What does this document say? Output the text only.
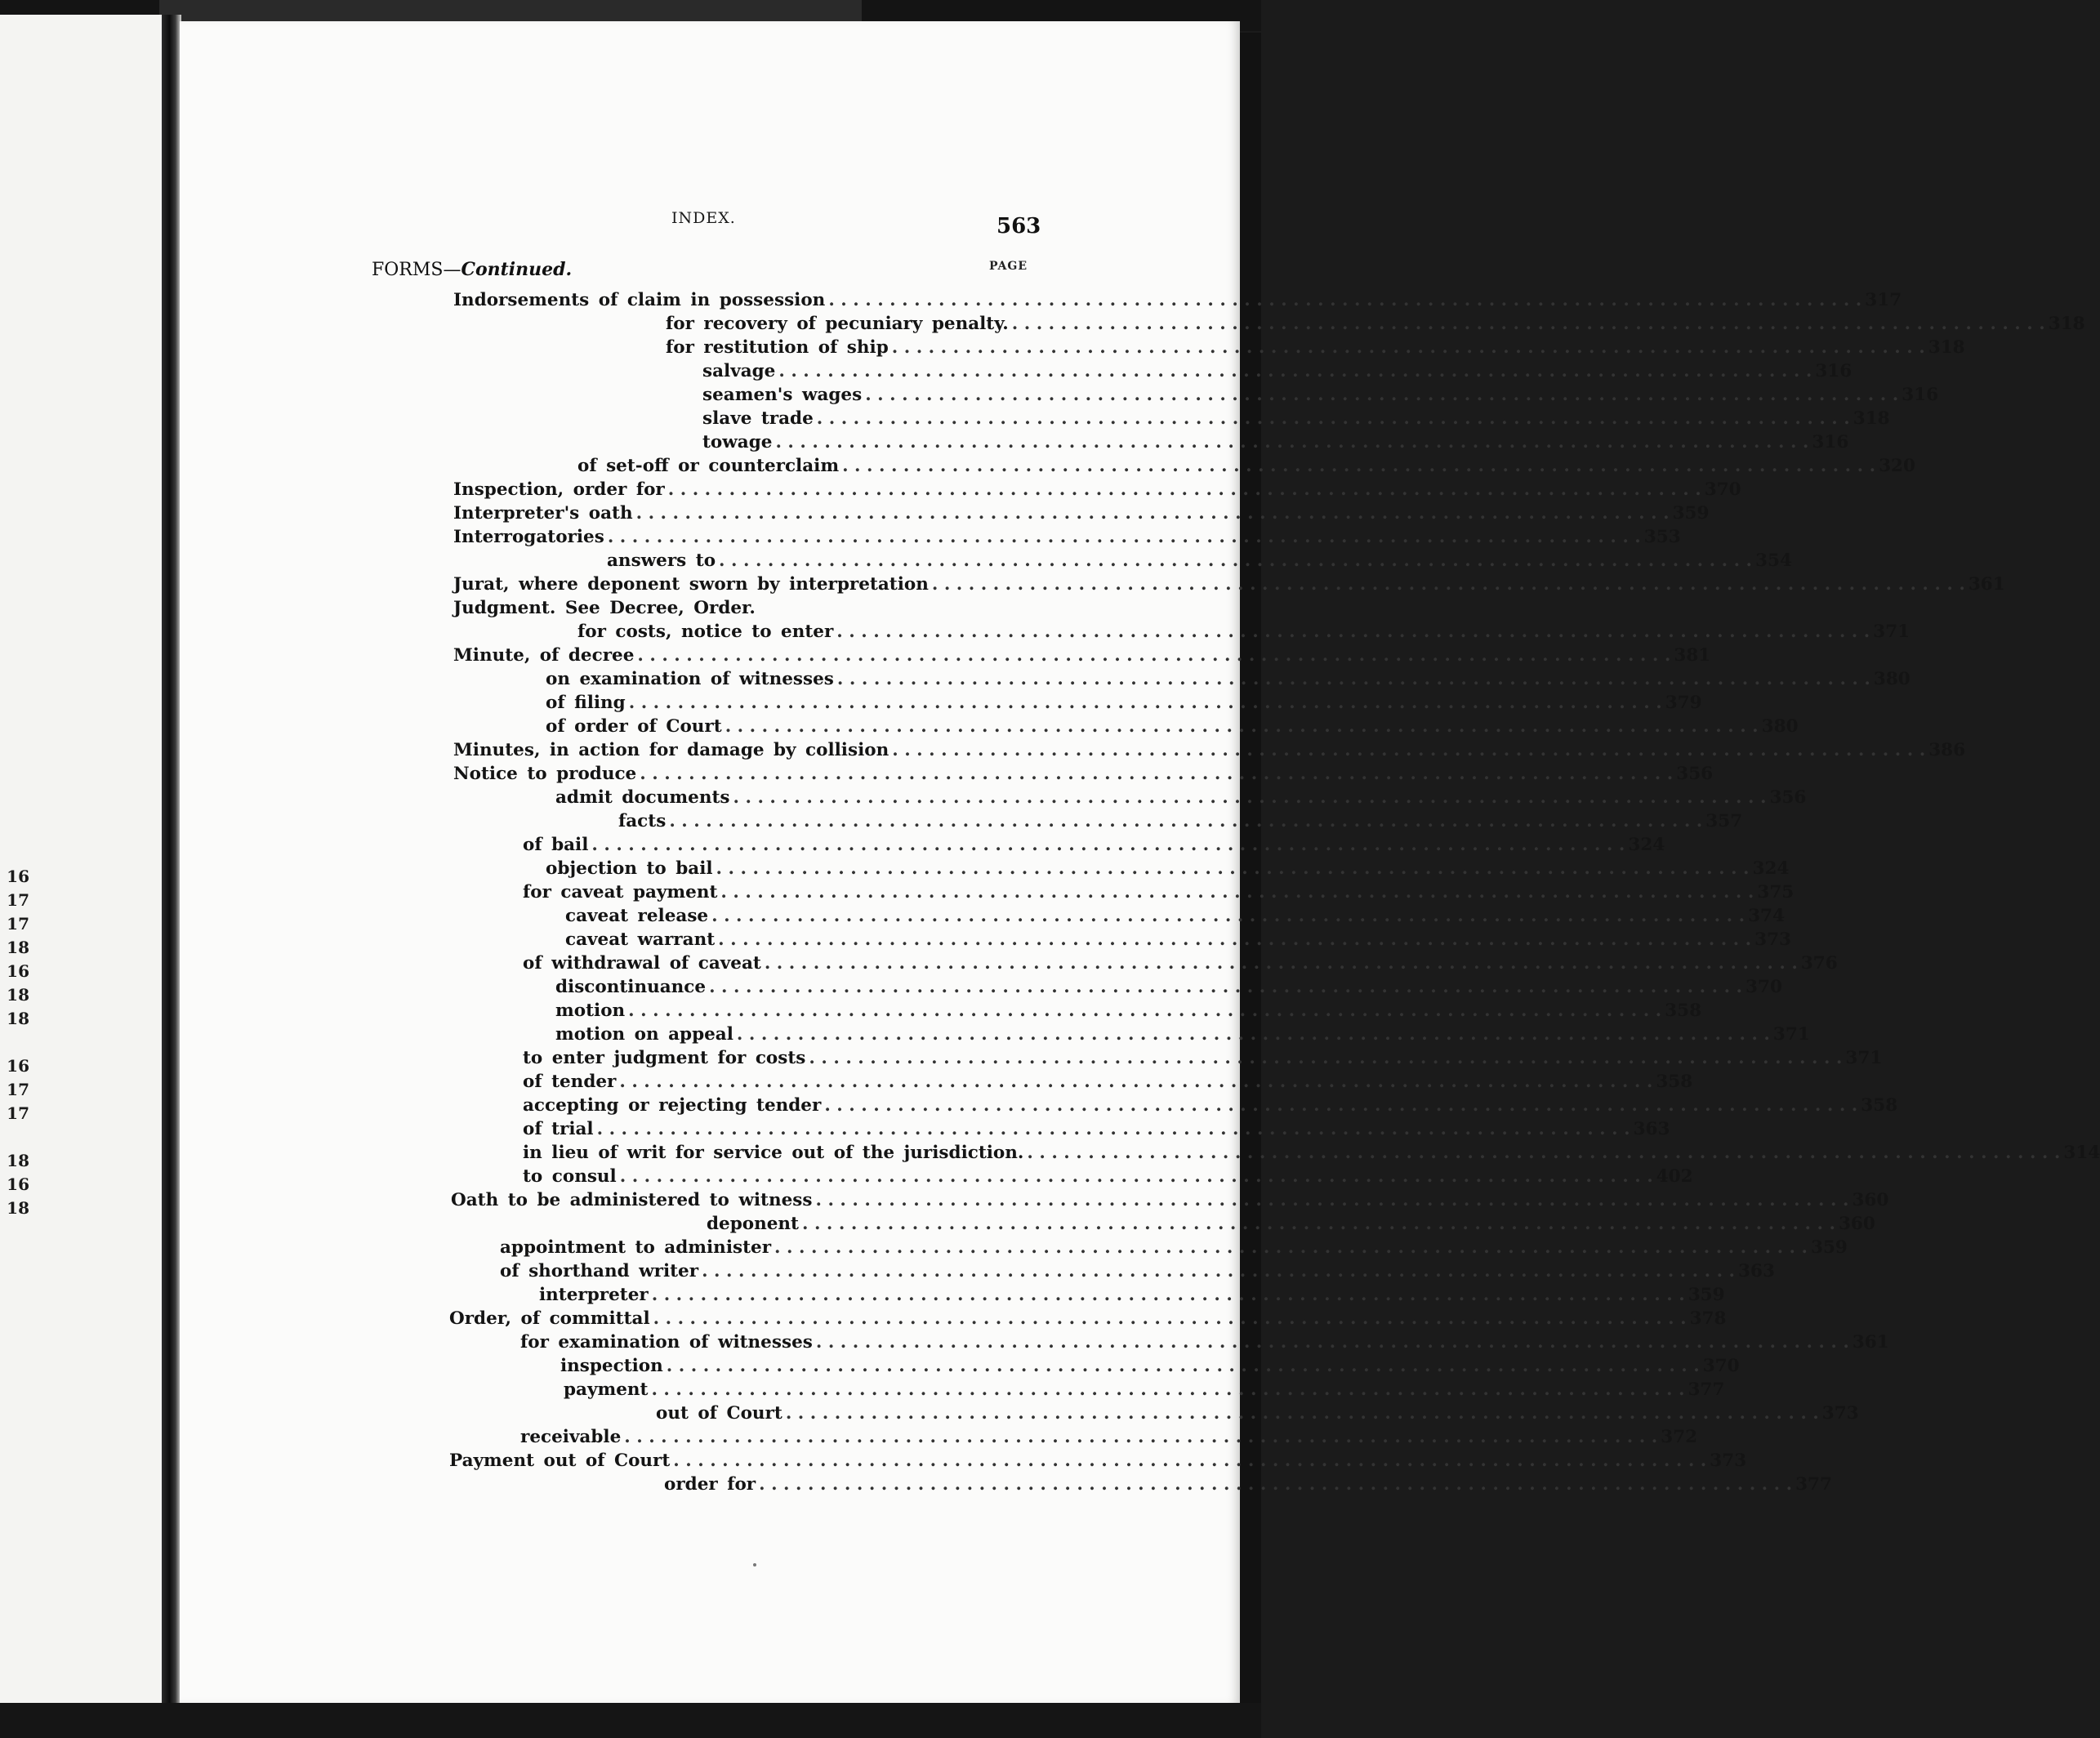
16
17
17
18
16
18
18
16
17
17
18
16
18
INDEX.	563
PAGE
FORMS—Continued.
Indorsements of claim in possession . . .	317
for recovery of pecuniary penalty. . . .	318
for restitution of ship . . .	318
salvage . . .	316
seamen's wages . . .	316
slave trade . . .	318
towage . . .	316
of set-off or counterclaim . . .	320
Inspection, order for . . .	370
Interpreter's oath . . .	359
Interrogatories . . .	353
answers to . . .	354
Jurat, where deponent sworn by interpretation . . .	361
Judgment. See Decree, Order.
for costs, notice to enter . . .	371
Minute, of decree . . .	381
on examination of witnesses . . .	380
of filing . . .	379
of order of Court . . .	380
Minutes, in action for damage by collision . . .	386
Notice to produce . . .	356
admit documents . . .	356
facts . . .	357
of bail . . .	324
objection to bail . . .	324
for caveat payment . . .	375
caveat release . . .	374
caveat warrant . . .	373
of withdrawal of caveat . . .	376
discontinuance . . .	370
motion . . .	358
motion on appeal . . .	371
to enter judgment for costs . . .	371
of tender . . .	358
accepting or rejecting tender . . .	358
of trial . . .	363
in lieu of writ for service out of the jurisdiction. . . .	314
to consul . . .	402
Oath to be administered to witness . . .	360
deponent . . .	360
appointment to administer . . .	359
of shorthand writer . . .	363
interpreter . . .	359
Order, of committal . . .	378
for examination of witnesses . . .	361
inspection . . .	370
payment . . .	377
out of Court . . .	373
receivable . . .	372
Payment out of Court . . .	373
order for . . .	377
